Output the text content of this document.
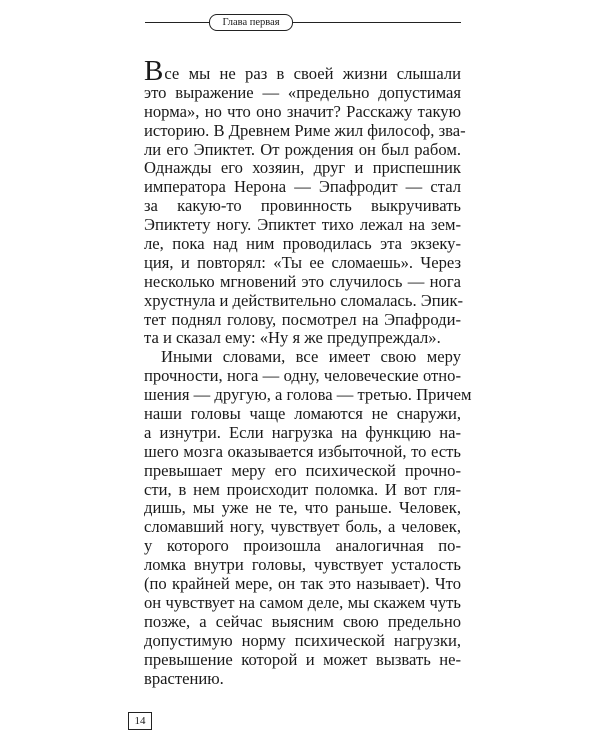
Глава первая
Все мы не раз в своей жизни слышали
это выражение — «предельно допустимая
норма», но что оно значит? Расскажу такую
историю. В Древнем Риме жил философ, зва-
ли его Эпиктет. От рождения он был рабом.
Однажды его хозяин, друг и приспешник
императора Нерона — Эпафродит — стал
за какую-то провинность выкручивать
Эпиктету ногу. Эпиктет тихо лежал на зем-
ле, пока над ним проводилась эта экзеку-
ция, и повторял: «Ты ее сломаешь». Через
несколько мгновений это случилось — нога
хрустнула и действительно сломалась. Эпик-
тет поднял голову, посмотрел на Эпафроди-
та и сказал ему: «Ну я же предупреждал».
Иными словами, все имеет свою меру
прочности, нога — одну, человеческие отно-
шения — другую, а голова — третью. Причем
наши головы чаще ломаются не снаружи,
а изнутри. Если нагрузка на функцию на-
шего мозга оказывается избыточной, то есть
превышает меру его психической прочно-
сти, в нем происходит поломка. И вот гля-
дишь, мы уже не те, что раньше. Человек,
сломавший ногу, чувствует боль, а человек,
у которого произошла аналогичная по-
ломка внутри головы, чувствует усталость
(по крайней мере, он так это называет). Что
он чувствует на самом деле, мы скажем чуть
позже, а сейчас выясним свою предельно
допустимую норму психической нагрузки,
превышение которой и может вызвать не-
врастению.
14
